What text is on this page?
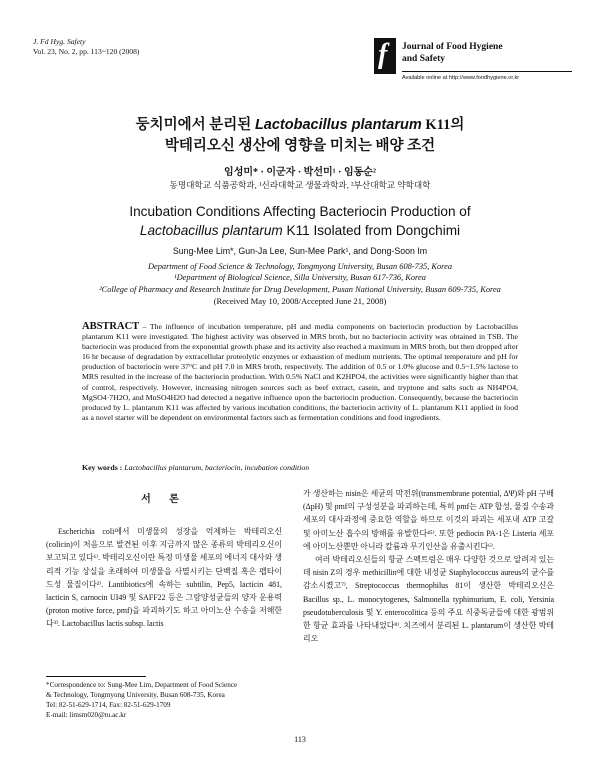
J. Fd Hyg. Safety
Vol. 23, No. 2, pp. 113~120 (2008)	f Journal of Food Hygiene
and Safety
Available online at http://www.foodhygiene.or.kr
둥치미에서 분리된 Lactobacillus plantarum K11의
박테리오신 생산에 영향을 미치는 배양 조건
임성미* · 이군자 · 박선미¹ · 임동순²
동명대학교 식품공학과, ¹신라대학교 생물과학과, ²부산대학교 약학대학
Incubation Conditions Affecting Bacteriocin Production of
Lactobacillus plantarum K11 Isolated from Dongchimi
Sung-Mee Lim*, Gun-Ja Lee, Sun-Mee Park¹, and Dong-Soon Im
Department of Food Science & Technology, Tongmyong University, Busan 608-735, Korea
¹Department of Biological Science, Silla University, Busan 617-736, Korea
²College of Pharmacy and Research Institute for Drug Development, Pusan National University, Busan 609-735, Korea
(Received May 10, 2008/Accepted June 21, 2008)
ABSTRACT – The influence of incubation temperature, pH and media components on bacteriocin production by Lactobacillus plantarum K11 were investigated. The highest activity was observed in MRS broth, but no bacteriocin activity was obtained in TSB. The bacteriocin was produced from the exponential growth phase and its activity also reached a maximum in MRS broth, but then dropped after 16 hr because of degradation by extracellular proteolytic enzymes or exhaustion of medium nutrients. The optimal temperature and pH for production of bacteriocin were 37°C and pH 7.0 in MRS broth, respectively. The addition of 0.5 or 1.0% glucose and 0.5~1.5% lactose to MRS resulted in the increase of the bacteriocin production. With 0.5% NaCl and K2HPO4, the activities were significantly higher than that of control, respectively. However, increasing nitrogen sources such as beef extract, casein, and tryptone and salts such as NH4PO4, MgSO4·7H2O, and MnSO4H2O had detected a negative influence upon the bacteriocin production. Consequently, because the bacteriocin produced by L. plantarum K11 was affected by various incubation conditions, the bacteriocin activity of L. plantarum K11 applied in food as a novel starter will be dependent on environmental factors such as fermentation conditions and food ingredients.
Key words : Lactobacillus plantarum, bacteriocin, incubation condition
서 론

Escherichia coli에서 미생물의 성장을 억제하는 박테리오신 (colicin)이 처음으로 발견된 이후 지금까지 많은 종류의 박테리오신이 보고되고 있다¹⁾. 박테리오신이란 특정 미생물 세포의 에너지 대사와 생리적 기능 상실을 초래하여 미생물을 사멸시키는 단백질 혹은 펩타이드성 물질이다²⁾. Lantibiotics에 속하는 subtilin, Pep5, lacticin 481, lacticin S, carnocin UI49 및 SAFF22 등은 그람양성균들의 양자 운용력 (proton motive force, pmf)을 파괴하기도 하고 아미노산 수송을 저해한다³⁾. Lactobacillus lactis subsp. lactis

가 생산하는 nisin은 세균의 막전위(transmembrane potential, ΔΨ)와 pH 구배 (ΔpH) 및 pmf의 구성성분을 파괴하는데, 특히 pmf는 ATP 합성, 물질 수송과 세포의 대사과정에 중요한 역할을 하므로 이것의 파괴는 세포내 ATP 고갈 및 아미노산 흡수의 방해를 유발한다⁴⁵⁾. 또한 pediocin PA-1은 Listeria 세포에 아미노산뿐만 아니라 칼륨과 무기인산을 유출시킨다⁶⁾.

여러 박테리오신들의 항균 스펙트럼은 매우 다양한 것으로 알려져 있는데 nisin Z의 경우 methicillin에 대한 내성균 Staphylococcus aureus의 균수를 감소시켰고⁷⁾, Streptococcus thermophilus 81이 생산한 박테리오신은 Bacillus sp., L. monocytogenes, Salmonella typhimurium, E. coli, Yersinia pseudotuberculosis 및 Y. enterocolitica 등의 주요 식중독균들에 대한 광범위한 항균 효과를 나타내었다⁸⁾. 치즈에서 분리된 L. plantarum이 생산한 박테리오

*Correspondence to: Sung-Mee Lim, Department of Food Science
& Technology, Tongmyong University, Busan 608-735, Korea
Tel: 82-51-629-1714, Fax: 82-51-629-1709
E-mail: limsm020@tu.ac.kr
113
